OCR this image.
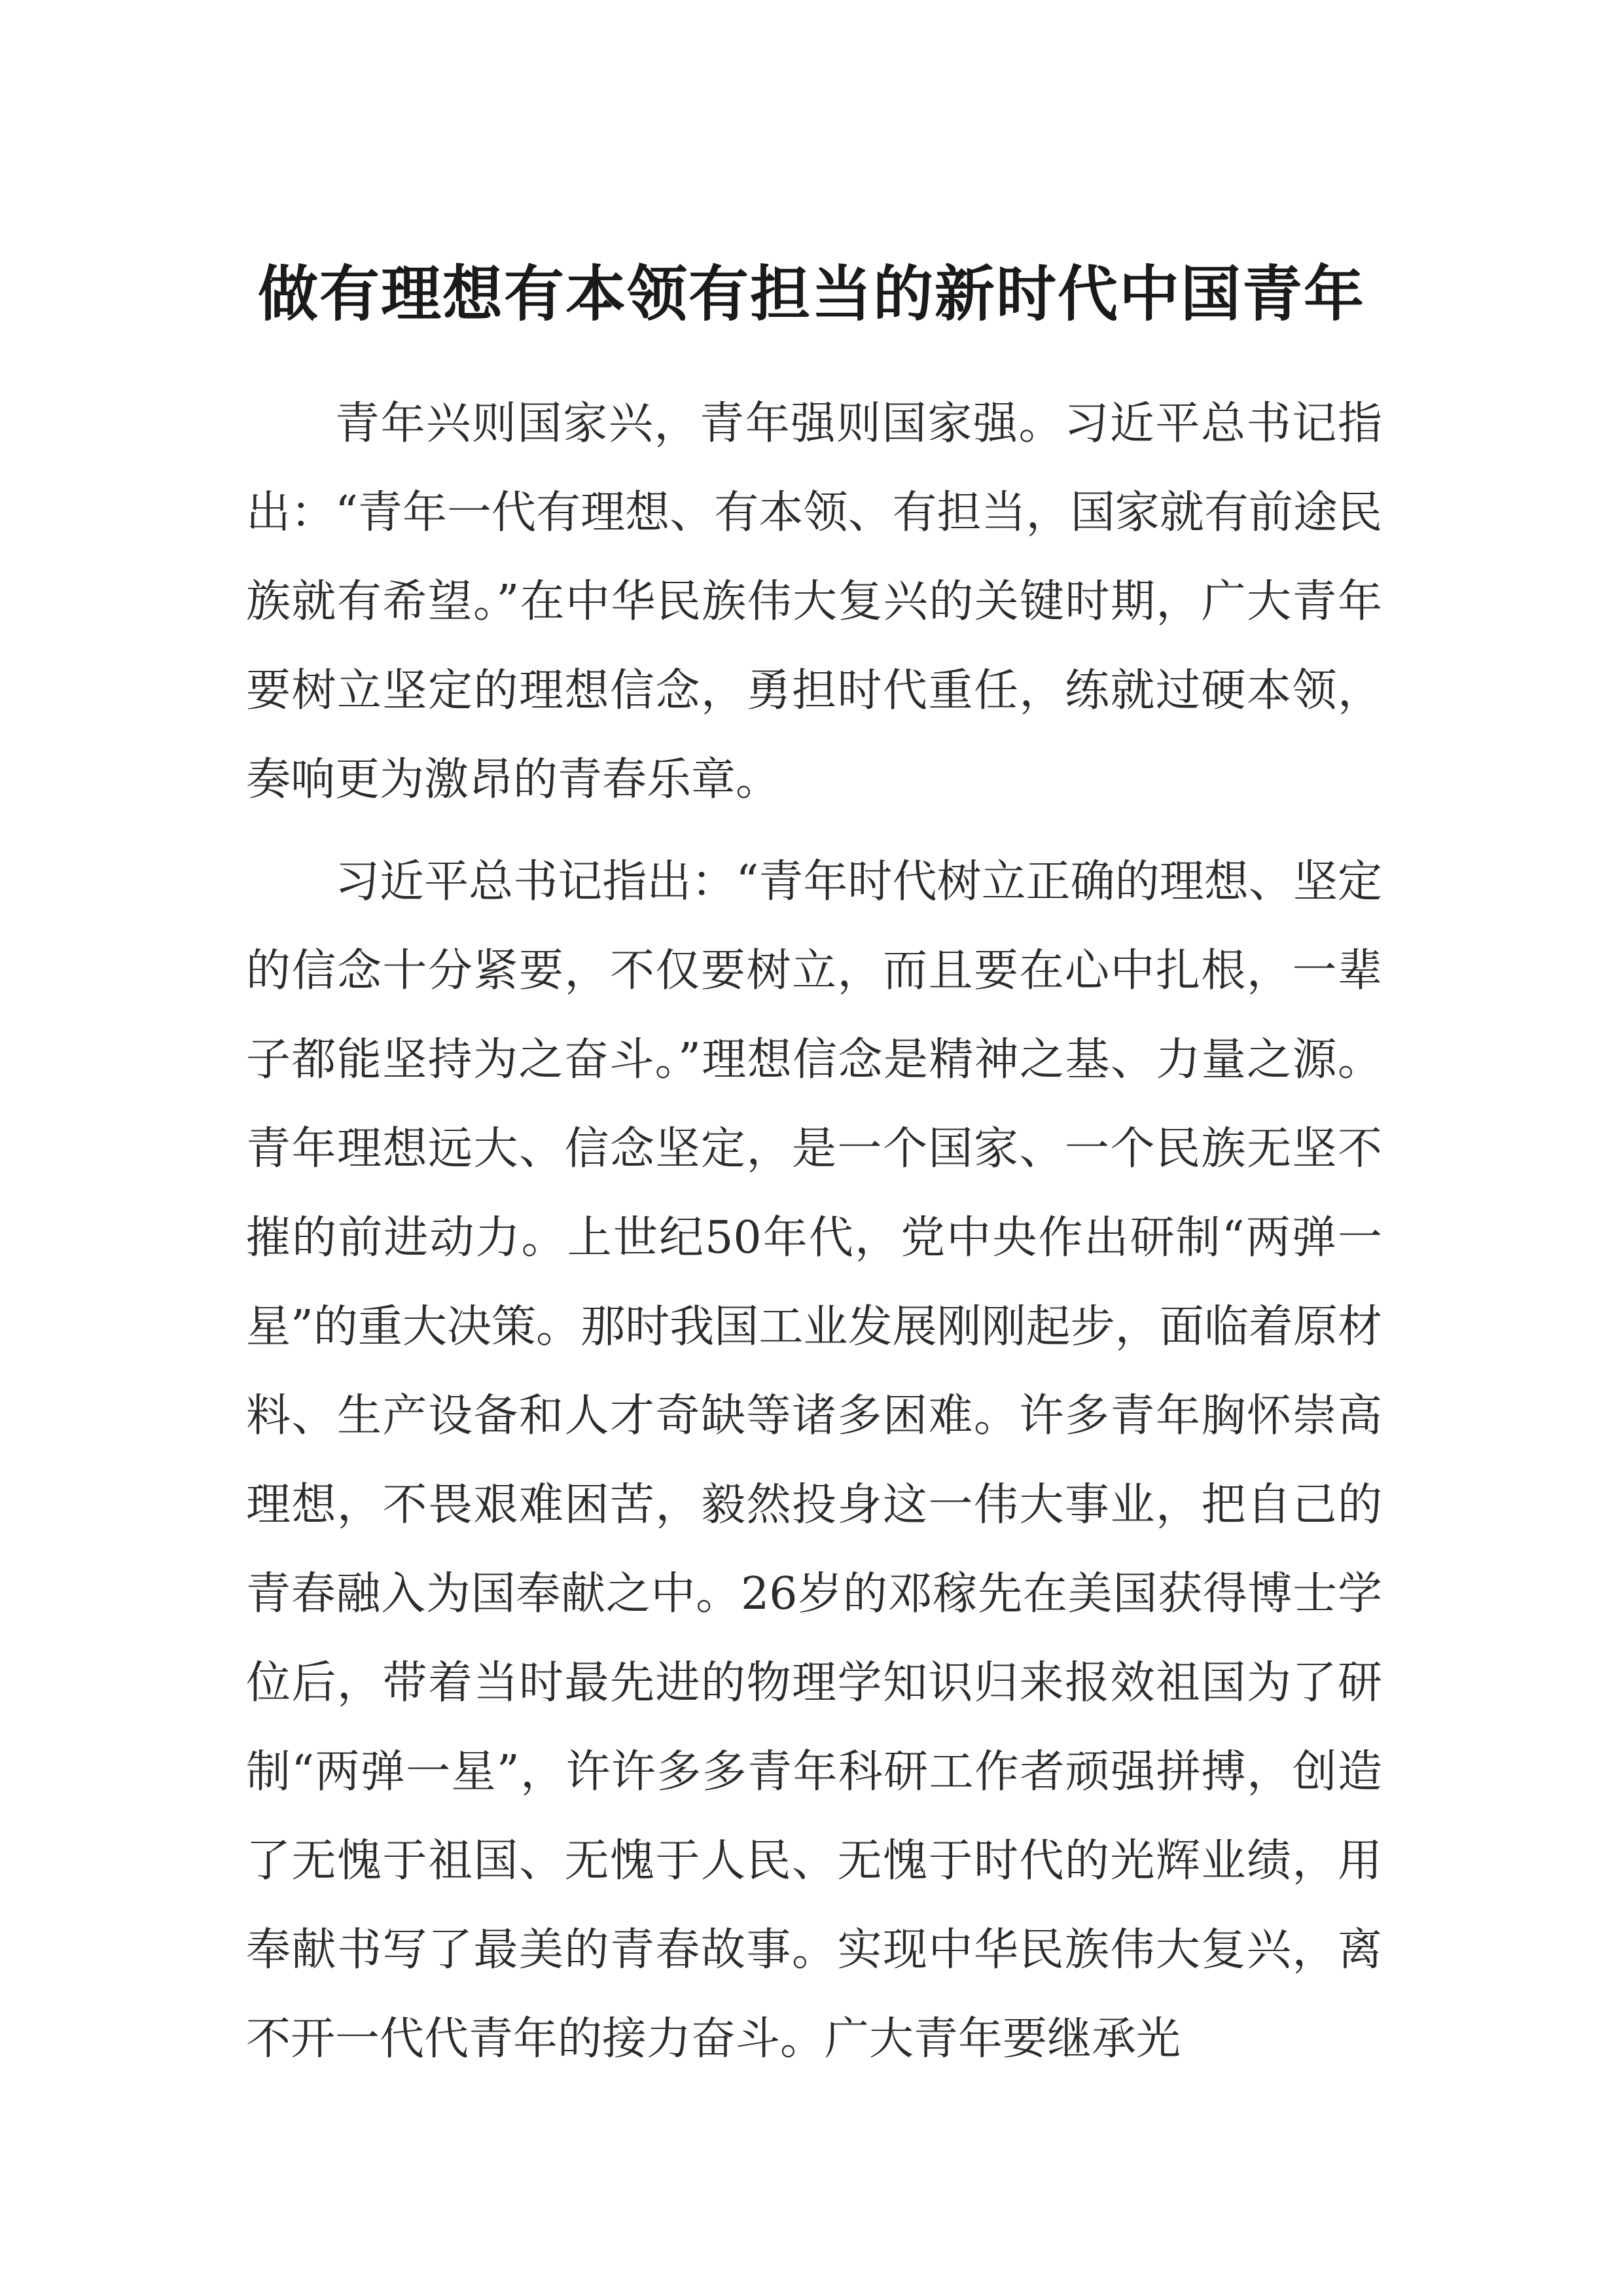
做有理想有本领有担当的新时代中国青年

青年兴则国家兴，青年强则国家强。习近平总书记指出：“青年一代有理想、有本领、有担当，国家就有前途民族就有希望。”在中华民族伟大复兴的关键时期，广大青年要树立坚定的理想信念，勇担时代重任，练就过硬本领，奏响更为激昂的青春乐章。

习近平总书记指出：“青年时代树立正确的理想、坚定的信念十分紧要，不仅要树立，而且要在心中扎根，一辈子都能坚持为之奋斗。”理想信念是精神之基、力量之源。青年理想远大、信念坚定，是一个国家、一个民族无坚不摧的前进动力。上世纪50年代，党中央作出研制“两弹一星”的重大决策。那时我国工业发展刚刚起步，面临着原材料、生产设备和人才奇缺等诸多困难。许多青年胸怀崇高理想，不畏艰难困苦，毅然投身这一伟大事业，把自己的青春融入为国奉献之中。26岁的邓稼先在美国获得博士学位后，带着当时最先进的物理学知识归来报效祖国为了研制“两弹一星”，许许多多青年科研工作者顽强拼搏，创造了无愧于祖国、无愧于人民、无愧于时代的光辉业绩，用奉献书写了最美的青春故事。实现中华民族伟大复兴，离不开一代代青年的接力奋斗。广大青年要继承光
